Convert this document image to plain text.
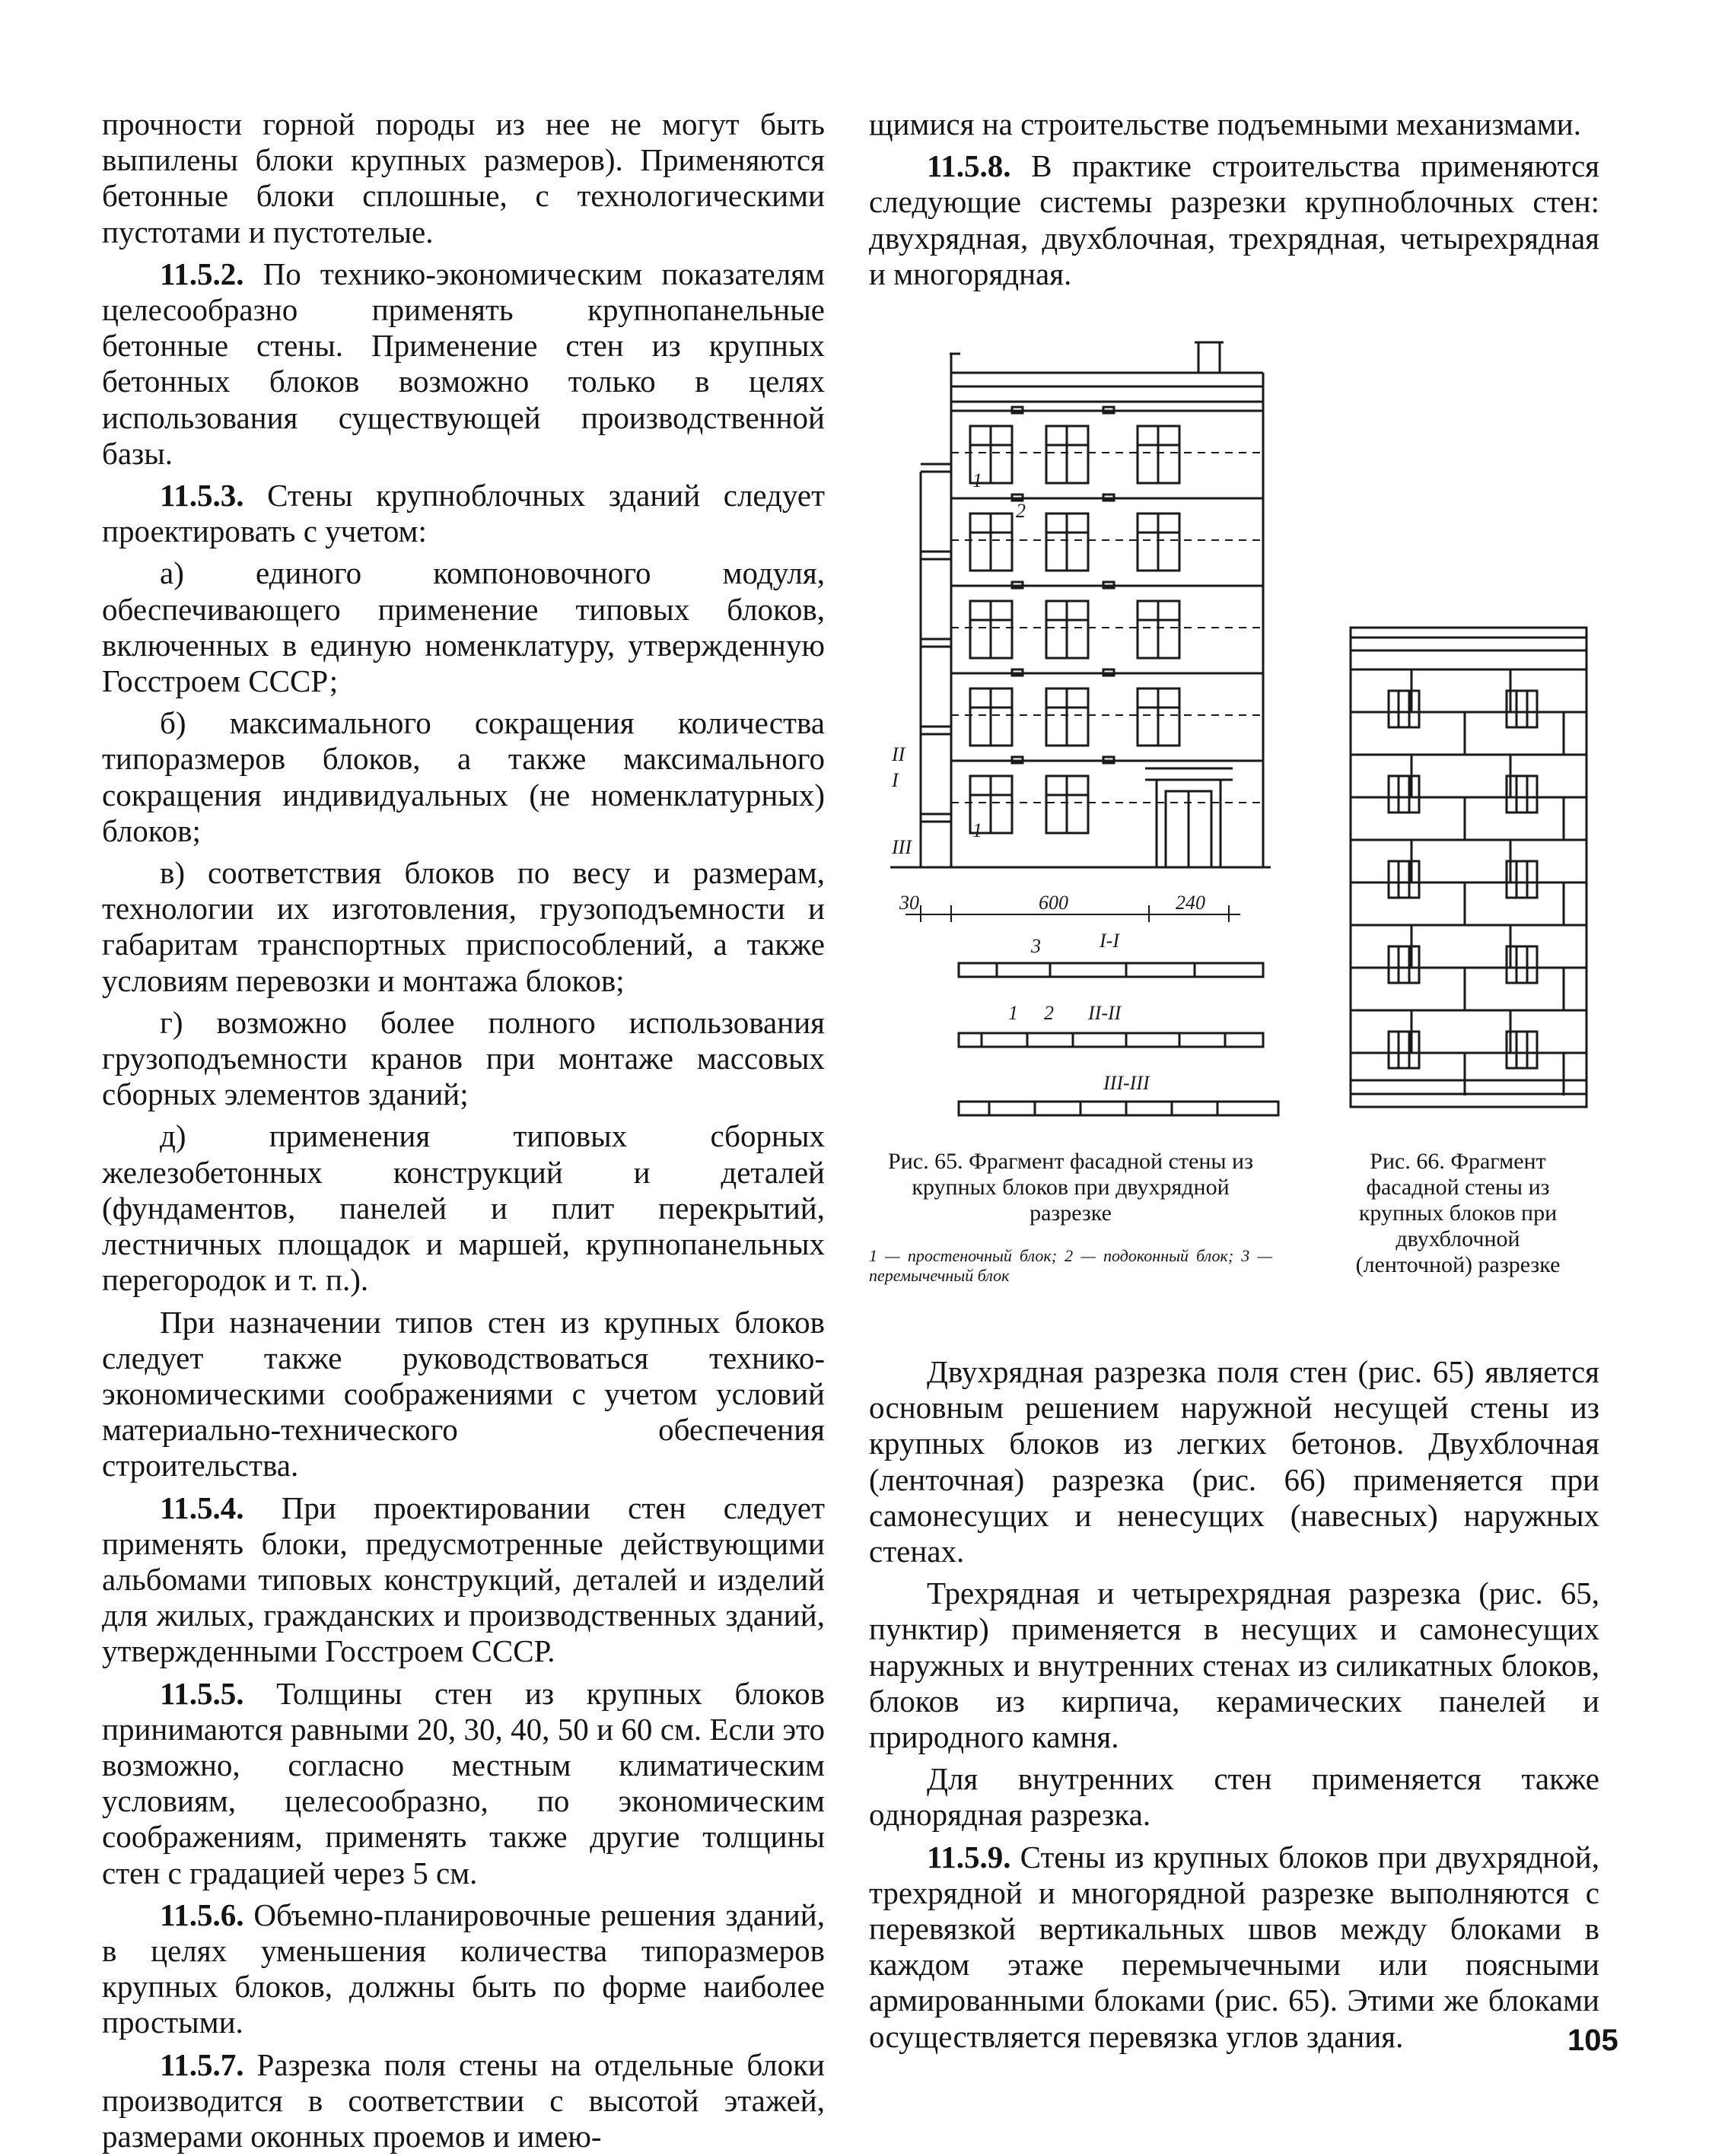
прочности горной породы из нее не могут быть выпилены блоки крупных размеров). Применяются бетонные блоки сплошные, с технологическими пустотами и пустотелые.

11.5.2. По технико-экономическим показателям целесообразно применять крупнопанельные бетонные стены. Применение стен из крупных бетонных блоков возможно только в целях использования существующей производственной базы.

11.5.3. Стены крупноблочных зданий следует проектировать с учетом:

а) единого компоновочного модуля, обеспечивающего применение типовых блоков, включенных в единую номенклатуру, утвержденную Госстроем СССР;

б) максимального сокращения количества типоразмеров блоков, а также максимального сокращения индивидуальных (не номенклатурных) блоков;

в) соответствия блоков по весу и размерам, технологии их изготовления, грузоподъемности и габаритам транспортных приспособлений, а также условиям перевозки и монтажа блоков;

г) возможно более полного использования грузоподъемности кранов при монтаже массовых сборных элементов зданий;

д) применения типовых сборных железобетонных конструкций и деталей (фундаментов, панелей и плит перекрытий, лестничных площадок и маршей, крупнопанельных перегородок и т. п.).

При назначении типов стен из крупных блоков следует также руководствоваться технико-экономическими соображениями с учетом условий материально-технического обеспечения строительства.

11.5.4. При проектировании стен следует применять блоки, предусмотренные действующими альбомами типовых конструкций, деталей и изделий для жилых, гражданских и производственных зданий, утвержденными Госстроем СССР.

11.5.5. Толщины стен из крупных блоков принимаются равными 20, 30, 40, 50 и 60 см. Если это возможно, согласно местным климатическим условиям, целесообразно, по экономическим соображениям, применять также другие толщины стен с градацией через 5 см.

11.5.6. Объемно-планировочные решения зданий, в целях уменьшения количества типоразмеров крупных блоков, должны быть по форме наиболее простыми.

11.5.7. Разрезка поля стены на отдельные блоки производится в соответствии с высотой этажей, размерами оконных проемов и имею-

щимися на строительстве подъемными механизмами.

11.5.8. В практике строительства применяются следующие системы разрезки крупноблочных стен: двухрядная, двухблочная, трехрядная, четырехрядная и многорядная.

1
2
1
II
I
III
30	600	240
I-I
3
1 2 II-II
III-III
Рис. 65. Фрагмент фасадной стены из крупных блоков при двухрядной разрезке
1 — простеночный блок; 2 — подоконный блок; 3 — перемычечный блок
Рис. 66. Фрагмент фасадной стены из крупных блоков при двухблочной (ленточной) разрезке

Двухрядная разрезка поля стен (рис. 65) является основным решением наружной несущей стены из крупных блоков из легких бетонов. Двухблочная (ленточная) разрезка (рис. 66) применяется при самонесущих и ненесущих (навесных) наружных стенах.

Трехрядная и четырехрядная разрезка (рис. 65, пунктир) применяется в несущих и самонесущих наружных и внутренних стенах из силикатных блоков, блоков из кирпича, керамических панелей и природного камня.

Для внутренних стен применяется также однорядная разрезка.

11.5.9. Стены из крупных блоков при двухрядной, трехрядной и многорядной разрезке выполняются с перевязкой вертикальных швов между блоками в каждом этаже перемычечными или поясными армированными блоками (рис. 65). Этими же блоками осуществляется перевязка углов здания.	105
